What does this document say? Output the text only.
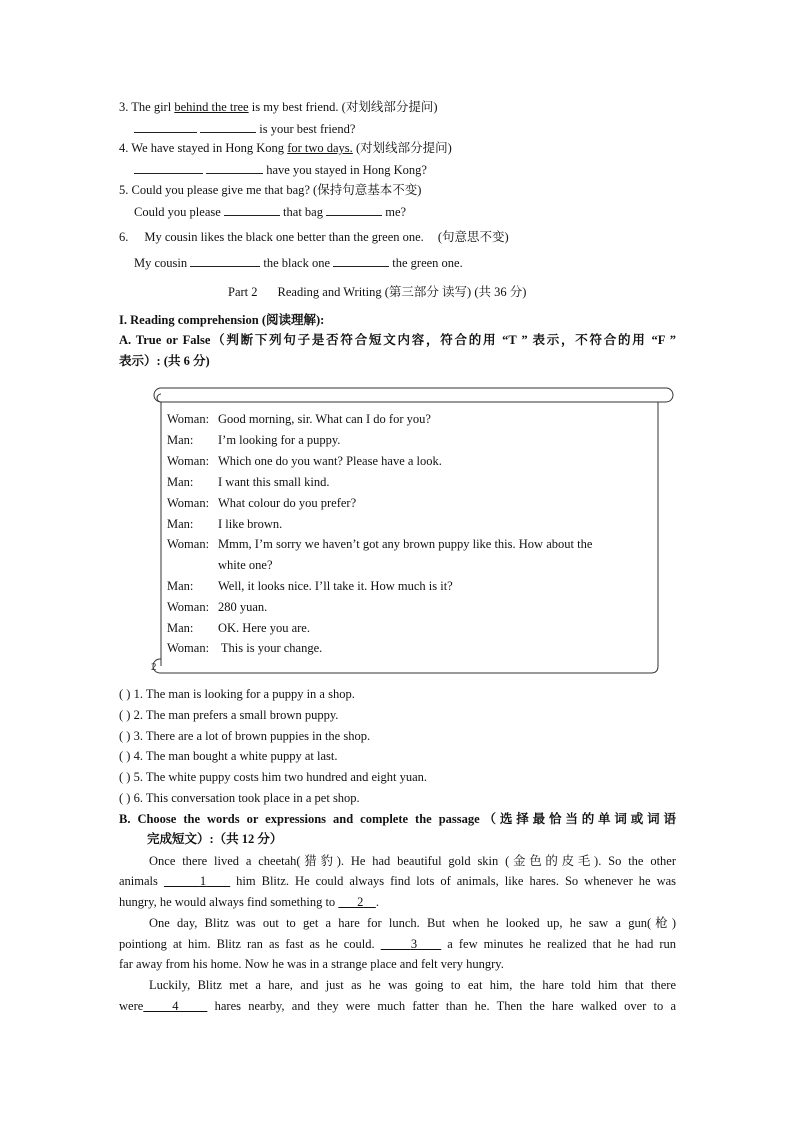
3. The girl behind the tree is my best friend. (对划线部分提问)
is your best friend?
4. We have stayed in Hong Kong for two days. (对划线部分提问)
have you stayed in Hong Kong?
5. Could you please give me that bag? (保持句意基本不变)
Could you please	that bag	me?
6. My cousin likes the black one better than the green one. (句意思不变)
My cousin	the black one	the green one.
Part 2 Reading and Writing (第三部分 读写) (共 36 分)
I. Reading comprehension (阅读理解):
A. True or False（判断下列句子是否符合短文内容，符合的用 “T ” 表示，不符合的用 “F ”
表示）: (共 6 分)
2
Woman: Good morning, sir. What can I do for you?
Man: I’m looking for a puppy.
Woman: Which one do you want? Please have a look.
Man: I want this small kind.
Woman: What colour do you prefer?
Man: I like brown.
Woman: Mmm, I’m sorry we haven’t got any brown puppy like this. How about the
white one?
Man: Well, it looks nice. I’ll take it. How much is it?
Woman: 280 yuan.
Man: OK. Here you are.
Woman: This is your change.
( ) 1. The man is looking for a puppy in a shop.
( ) 2. The man prefers a small brown puppy.
( ) 3. There are a lot of brown puppies in the shop.
( ) 4. The man bought a white puppy at last.
( ) 5. The white puppy costs him two hundred and eight yuan.
( ) 6. This conversation took place in a pet shop.
B. Choose the words or expressions and complete the passage（选择最恰当的单词或词语
完成短文）:（共 12 分）
Once there lived a cheetah(猎豹). He had beautiful gold skin (金色的皮毛). So the other
animals	1     him Blitz. He could always find lots of animals, like hares. So whenever he was
hungry, he would always find something to       2 .
One day, Blitz was out to get a hare for lunch. But when he looked up, he saw a gun(枪)
pointiong at him. Blitz ran as fast as he could.      3     a few minutes he realized that he had run
far away from his home. Now he was in a strange place and felt very hungry.
Luckily, Blitz met a hare, and just as he was going to eat him, the hare told him that there
were 4     hares nearby, and they were much fatter than he. Then the hare walked over to a
